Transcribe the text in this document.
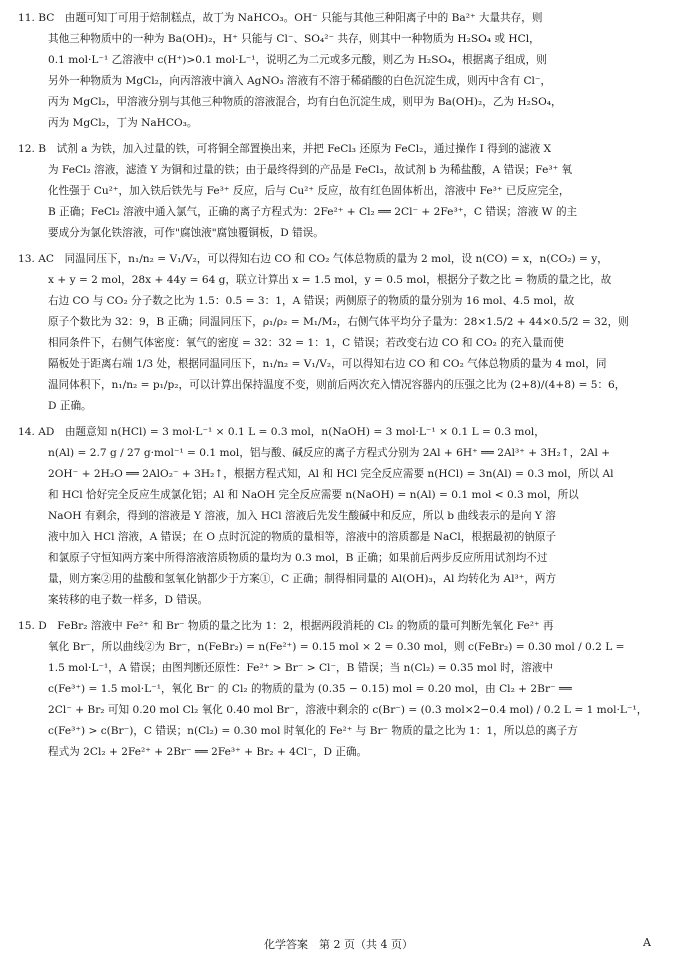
11. BC　由题可知丁可用于焙制糕点，故丁为 NaHCO₃。OH⁻ 只能与其他三种阳离子中的 Ba²⁺ 大量共存，则
其他三种物质中的一种为 Ba(OH)₂，H⁺ 只能与 Cl⁻、SO₄²⁻ 共存，则其中一种物质为 H₂SO₄ 或 HCl，
0.1 mol·L⁻¹ 乙溶液中 c(H⁺)>0.1 mol·L⁻¹，说明乙为二元或多元酸，则乙为 H₂SO₄，根据离子组成，则
另外一种物质为 MgCl₂，向丙溶液中滴入 AgNO₃ 溶液有不溶于稀硝酸的白色沉淀生成，则丙中含有 Cl⁻，
丙为 MgCl₂，甲溶液分别与其他三种物质的溶液混合，均有白色沉淀生成，则甲为 Ba(OH)₂，乙为 H₂SO₄，
丙为 MgCl₂，丁为 NaHCO₃。
12. B　试剂 a 为铁，加入过量的铁，可将铜全部置换出来，并把 FeCl₃ 还原为 FeCl₂，通过操作 I 得到的滤液 X
为 FeCl₂ 溶液，滤渣 Y 为铜和过量的铁；由于最终得到的产品是 FeCl₃，故试剂 b 为稀盐酸，A 错误；Fe³⁺ 氧
化性强于 Cu²⁺，加入铁后铁先与 Fe³⁺ 反应，后与 Cu²⁺ 反应，故有红色固体析出，溶液中 Fe³⁺ 已反应完全，
B 正确；FeCl₂ 溶液中通入氯气，正确的离子方程式为：2Fe²⁺ + Cl₂ ══ 2Cl⁻ + 2Fe³⁺，C 错误；溶液 W 的主
要成分为氯化铁溶液，可作"腐蚀液"腐蚀覆铜板，D 错误。
13. AC　同温同压下，n₁/n₂ = V₁/V₂，可以得知右边 CO 和 CO₂ 气体总物质的量为 2 mol，设 n(CO) = x，n(CO₂) = y，
x + y = 2 mol，28x + 44y = 64 g，联立计算出 x = 1.5 mol，y = 0.5 mol，根据分子数之比 = 物质的量之比，故
右边 CO 与 CO₂ 分子数之比为 1.5：0.5 = 3：1，A 错误；两侧原子的物质的量分别为 16 mol、4.5 mol，故
原子个数比为 32：9，B 正确；同温同压下，ρ₁/ρ₂ = M₁/M₂，右侧气体平均分子量为：28×1.5/2 + 44×0.5/2 = 32，则
相同条件下，右侧气体密度：氧气的密度 = 32：32 = 1：1，C 错误；若改变右边 CO 和 CO₂ 的充入量而使
隔板处于距离右端 1/3 处，根据同温同压下，n₁/n₂ = V₁/V₂，可以得知右边 CO 和 CO₂ 气体总物质的量为 4 mol，同
温同体积下，n₁/n₂ = p₁/p₂，可以计算出保持温度不变，则前后两次充入情况容器内的压强之比为 (2+8)/(4+8) = 5：6，
D 正确。
14. AD　由题意知 n(HCl) = 3 mol·L⁻¹ × 0.1 L = 0.3 mol，n(NaOH) = 3 mol·L⁻¹ × 0.1 L = 0.3 mol，
n(Al) = 2.7 g / 27 g·mol⁻¹ = 0.1 mol，铝与酸、碱反应的离子方程式分别为 2Al + 6H⁺ ══ 2Al³⁺ + 3H₂↑，2Al +
2OH⁻ + 2H₂O ══ 2AlO₂⁻ + 3H₂↑，根据方程式知，Al 和 HCl 完全反应需要 n(HCl) = 3n(Al) = 0.3 mol，所以 Al
和 HCl 恰好完全反应生成氯化铝；Al 和 NaOH 完全反应需要 n(NaOH) = n(Al) = 0.1 mol < 0.3 mol，所以
NaOH 有剩余，得到的溶液是 Y 溶液，加入 HCl 溶液后先发生酸碱中和反应，所以 b 曲线表示的是向 Y 溶
液中加入 HCl 溶液，A 错误；在 O 点时沉淀的物质的量相等，溶液中的溶质都是 NaCl，根据最初的钠原子
和氯原子守恒知两方案中所得溶液溶质物质的量均为 0.3 mol，B 正确；如果前后两步反应所用试剂均不过
量，则方案②用的盐酸和氢氧化钠都少于方案①，C 正确；制得相同量的 Al(OH)₃，Al 均转化为 Al³⁺，两方
案转移的电子数一样多，D 错误。
15. D　FeBr₂ 溶液中 Fe²⁺ 和 Br⁻ 物质的量之比为 1：2，根据两段消耗的 Cl₂ 的物质的量可判断先氧化 Fe²⁺ 再
氧化 Br⁻，所以曲线②为 Br⁻，n(FeBr₂) = n(Fe²⁺) = 0.15 mol × 2 = 0.30 mol，则 c(FeBr₂) = 0.30 mol / 0.2 L =
1.5 mol·L⁻¹，A 错误；由图判断还原性：Fe²⁺ > Br⁻ > Cl⁻，B 错误；当 n(Cl₂) = 0.35 mol 时，溶液中
c(Fe³⁺) = 1.5 mol·L⁻¹，氧化 Br⁻ 的 Cl₂ 的物质的量为 (0.35 − 0.15) mol = 0.20 mol，由 Cl₂ + 2Br⁻ ══
2Cl⁻ + Br₂ 可知 0.20 mol Cl₂ 氧化 0.40 mol Br⁻，溶液中剩余的 c(Br⁻) = (0.3 mol×2−0.4 mol) / 0.2 L = 1 mol·L⁻¹，
c(Fe³⁺) > c(Br⁻)，C 错误；n(Cl₂) = 0.30 mol 时氧化的 Fe²⁺ 与 Br⁻ 物质的量之比为 1：1，所以总的离子方
程式为 2Cl₂ + 2Fe²⁺ + 2Br⁻ ══ 2Fe³⁺ + Br₂ + 4Cl⁻，D 正确。
化学答案　第 2 页（共 4 页）	A
